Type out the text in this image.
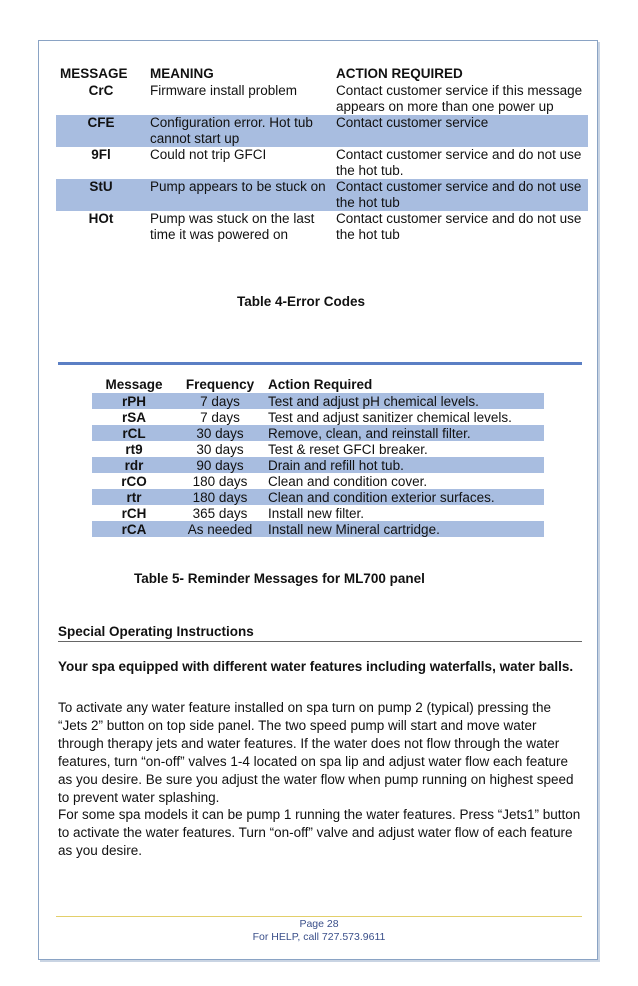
MESSAGE	MEANING	ACTION REQUIRED
CrC	Firmware install problem	Contact customer service if this message appears on more than one power up
CFE	Configuration error. Hot tub cannot start up	Contact customer service
9Fl	Could not trip GFCI	Contact customer service and do not use the hot tub.
StU	Pump appears to be stuck on	Contact customer service and do not use the hot tub
HOt	Pump was stuck on the last time it was powered on	Contact customer service and do not use the hot tub
Table 4-Error Codes
Message	Frequency	Action Required
rPH	7 days	Test and adjust pH chemical levels.
rSA	7 days	Test and adjust sanitizer chemical levels.
rCL	30 days	Remove, clean, and reinstall filter.
rt9	30 days	Test & reset GFCI breaker.
rdr	90 days	Drain and refill hot tub.
rCO	180 days	Clean and condition cover.
rtr	180 days	Clean and condition exterior surfaces.
rCH	365 days	Install new filter.
rCA	As needed	Install new Mineral cartridge.
Table 5- Reminder Messages for ML700 panel
Special Operating Instructions
Your spa equipped with different water features including waterfalls, water balls.
To activate any water feature installed on spa turn on pump 2 (typical) pressing the “Jets 2” button on top side panel. The two speed pump will start and move water through therapy jets and water features. If the water does not flow through the water features, turn “on-off” valves 1-4 located on spa lip and adjust water flow each feature as you desire. Be sure you adjust the water flow when pump running on highest speed to prevent water splashing.
For some spa models it can be pump 1 running the water features. Press “Jets1” button to activate the water features. Turn “on-off” valve and adjust water flow of each feature as you desire.
Page 28
For HELP, call 727.573.9611
